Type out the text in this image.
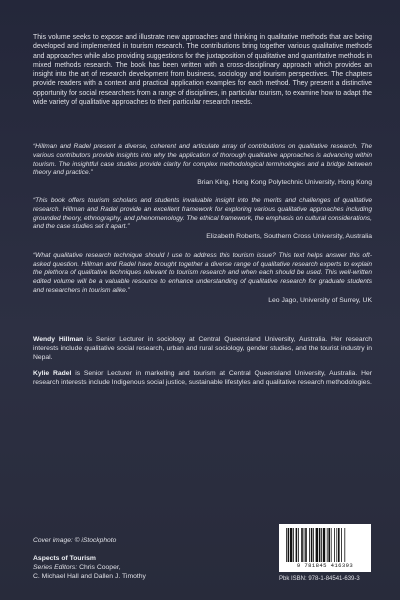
This volume seeks to expose and illustrate new approaches and thinking in qualitative methods that are being developed and implemented in tourism research. The contributions bring together various qualitative methods and approaches while also providing suggestions for the juxtaposition of qualitative and quantitative methods in mixed methods research. The book has been written with a cross-disciplinary approach which provides an insight into the art of research development from business, sociology and tourism perspectives. The chapters provide readers with a context and practical application examples for each method. They present a distinctive opportunity for social researchers from a range of disciplines, in particular tourism, to examine how to adapt the wide variety of qualitative approaches to their particular research needs.

“Hillman and Radel present a diverse, coherent and articulate array of contributions on qualitative research. The various contributors provide insights into why the application of thorough qualitative approaches is advancing within tourism. The insightful case studies provide clarity for complex methodological terminologies and a bridge between theory and practice.”

Brian King, Hong Kong Polytechnic University, Hong Kong

“This book offers tourism scholars and students invaluable insight into the merits and challenges of qualitative research. Hillman and Radel provide an excellent framework for exploring various qualitative approaches including grounded theory, ethnography, and phenomenology. The ethical framework, the emphasis on cultural considerations, and the case studies set it apart.”

Elizabeth Roberts, Southern Cross University, Australia

“What qualitative research technique should I use to address this tourism issue? This text helps answer this oft-asked question. Hillman and Radel have brought together a diverse range of qualitative research experts to explain the plethora of qualitative techniques relevant to tourism research and when each should be used. This well-written edited volume will be a valuable resource to enhance understanding of qualitative research for graduate students and researchers in tourism alike.”

Leo Jago, University of Surrey, UK

Wendy Hillman is Senior Lecturer in sociology at Central Queensland University, Australia. Her research interests include qualitative social research, urban and rural sociology, gender studies, and the tourist industry in Nepal.

Kylie Radel is Senior Lecturer in marketing and tourism at Central Queensland University, Australia. Her research interests include Indigenous social justice, sustainable lifestyles and qualitative research methodologies.

Cover image: © iStockphoto
Aspects of Tourism
Series Editors: Chris Cooper,
C. Michael Hall and Dallen J. Timothy
9 781845 416393
Pbk ISBN: 978-1-84541-639-3
